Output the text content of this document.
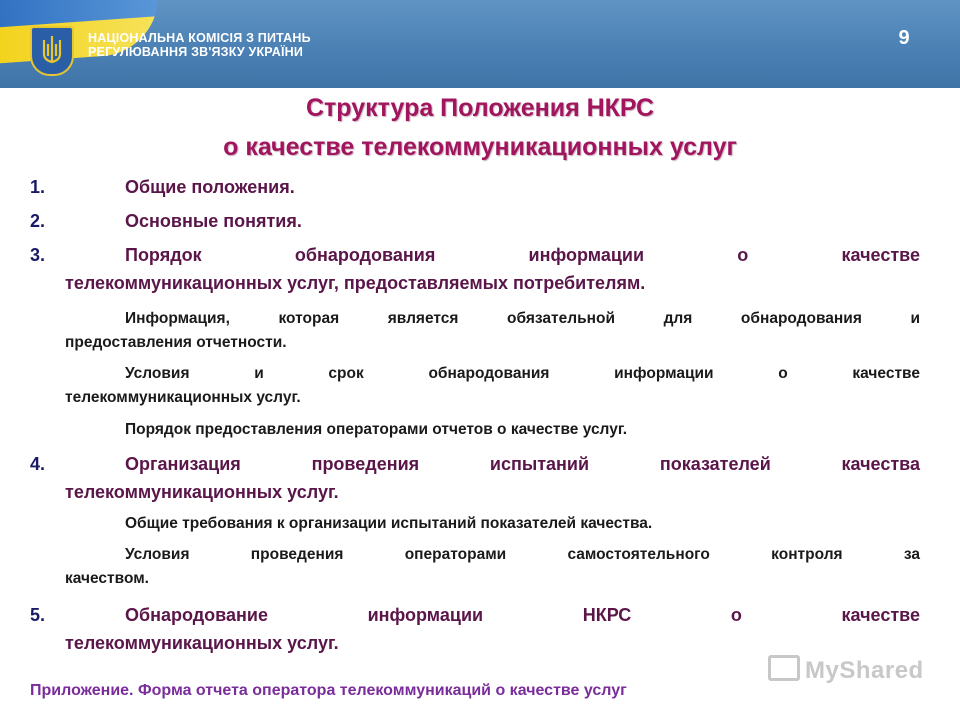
НАЦІОНАЛЬНА КОМІСІЯ З ПИТАНЬ
РЕГУЛЮВАННЯ ЗВ'ЯЗКУ УКРАЇНИ
9
Структура Положения НКРС
о качестве телекоммуникационных услуг
1.	Общие положения.
2.	Основные понятия.
3.	Порядок обнародования информации о качестве
телекоммуникационных услуг, предоставляемых потребителям.
Информация, которая является обязательной для обнародования и
предоставления отчетности.
Условия и срок обнародования информации о качестве
телекоммуникационных услуг.
Порядок предоставления операторами отчетов о качестве услуг.
4.	Организация проведения испытаний показателей качества
телекоммуникационных услуг.
Общие требования к организации испытаний показателей качества.
Условия проведения операторами самостоятельного контроля за
качеством.
5.	Обнародование информации НКРС о качестве
телекоммуникационных услуг.
Приложение. Форма отчета оператора телекоммуникаций о качестве услуг
MyShared
